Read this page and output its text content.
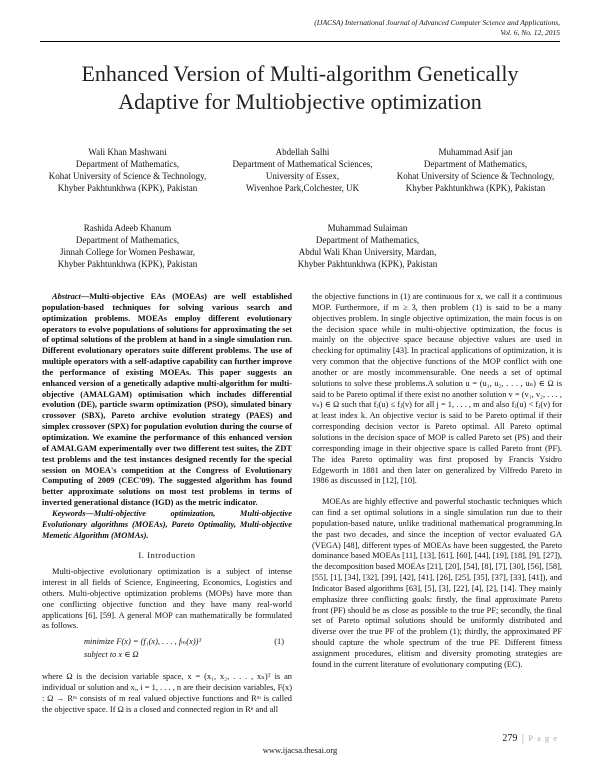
(IJACSA) International Journal of Advanced Computer Science and Applications,
Vol. 6, No. 12, 2015
Enhanced Version of Multi-algorithm Genetically
Adaptive for Multiobjective optimization
Wali Khan Mashwani
Department of Mathematics,
Kohat University of Science & Technology,
Khyber Pakhtunkhwa (KPK), Pakistan
Abdellah Salhi
Department of Mathematical Sciences,
University of Essex,
Wivenhoe Park,Colchester, UK
Muhammad Asif jan
Department of Mathematics,
Kohat University of Science & Technology,
Khyber Pakhtunkhwa (KPK), Pakistan
Rashida Adeeb Khanum
Department of Mathematics,
Jinnah College for Women Peshawar,
Khyber Pakhtunkhwa (KPK), Pakistan
Muhammad Sulaiman
Department of Mathematics,
Abdul Wali Khan University, Mardan,
Khyber Pakhtunkhwa (KPK), Pakistan

Abstract—Multi-objective EAs (MOEAs) are well established population-based techniques for solving various search and optimization problems. MOEAs employ different evolutionary operators to evolve populations of solutions for approximating the set of optimal solutions of the problem at hand in a single simulation run. Different evolutionary operators suite different problems. The use of multiple operators with a self-adaptive capability can further improve the performance of existing MOEAs. This paper suggests an enhanced version of a genetically adaptive multi-algorithm for multi-objective (AMALGAM) optimisation which includes differential evolution (DE), particle swarm optimization (PSO), simulated binary crossover (SBX), Pareto archive evolution strategy (PAES) and simplex crossover (SPX) for population evolution during the course of optimization. We examine the performance of this enhanced version of AMALGAM experimentally over two different test suites, the ZDT test problems and the test instances designed recently for the special session on MOEA's competition at the Congress of Evolutionary Computing of 2009 (CEC'09). The suggested algorithm has found better approximate solutions on most test problems in terms of inverted generational distance (IGD) as the metric indicator.

Keywords—Multi-objective optimization, Multi-objective Evolutionary algorithms (MOEAs), Pareto Optimality, Multi-objective Memetic Algorithm (MOMAs).

I. Introduction

Multi-objective evolutionary optimization is a subject of intense interest in all fields of Science, Engineering, Economics, Logistics and others. Multi-objective optimization problems (MOPs) have more than one conflicting objective function and they have many real-world applications [6], [59]. A general MOP can mathematically be formulated as follows.

minimize F(x) = (f₁(x), . . . , fₘ(x))ᵀ	(1)
subject to x ∈ Ω

where Ω is the decision variable space, x = (x₁, x₂, . . . , xₙ)ᵀ is an individual or solution and xᵢ, i = 1, . . . , n are their decision variables, F(x) : Ω → Rᵐ consists of m real valued objective functions and Rᵐ is called the objective space. If Ω is a closed and connected region in Rⁿ and all

the objective functions in (1) are continuous for x, we call it a continuous MOP. Furthermore, if m ≥ 3, then problem (1) is said to be a many objectives problem. In single objective optimization, the main focus is on the decision space while in multi-objective optimization, the focus is mainly on the objective space because objective values are used in checking for optimality [43]. In practical applications of optimization, it is very common that the objective functions of the MOP conflict with one another or are mostly incommensurable. One needs a set of optimal solutions to solve these problems.A solution u = (u₁, u₂, . . . , uₙ) ∈ Ω is said to be Pareto optimal if there exist no another solution v = (v₁, v₂, . . . , vₙ) ∈ Ω such that fⱼ(u) ≤ fⱼ(v) for all j = 1, . . . , m and also fⱼ(u) < fⱼ(v) for at least index k. An objective vector is said to be Pareto optimal if their corresponding decision vector is Pareto optimal. All Pareto optimal solutions in the decision space of MOP is called Pareto set (PS) and their corresponding image in their objective space is called Pareto front (PF). The idea Pareto optimality was first proposed by Francis Ysidro Edgeworth in 1881 and then later on generalized by Vilfredo Pareto in 1986 as discussed in [12], [10].

MOEAs are highly effective and powerful stochastic techniques which can find a set optimal solutions in a single simulation run due to their population-based nature, unlike traditional mathematical programming.In the past two decades, and since the inception of vector evaluated GA (VEGA) [48], different types of MOEAs have been suggested, the Pareto dominance based MOEAs [11], [13], [61], [60], [44], [19], [18], [9], [27]), the decomposition based MOEAs [21], [20], [54], [8], [7], [30], [56], [58], [55], [1], [34], [32], [39], [42], [41], [26], [25], [35], [37], [33], [41]), and Indicator Based algorithms [63], [5], [3], [22], [4], [2], [14]. They mainly emphasize three conflicting goals: firstly, the final approximate Pareto front (PF) should be as close as possible to the true PF; secondly, the final set of Pareto optimal solutions should be uniformly distributed and diverse over the true PF of the problem (1); thirdly, the approximated PF should capture the whole spectrum of the true PF. Different fitness assignment procedures, elitism and diversity promoting strategies are found in the current literature of evolutionary computing (EC).

279 | P a g e
www.ijacsa.thesai.org
